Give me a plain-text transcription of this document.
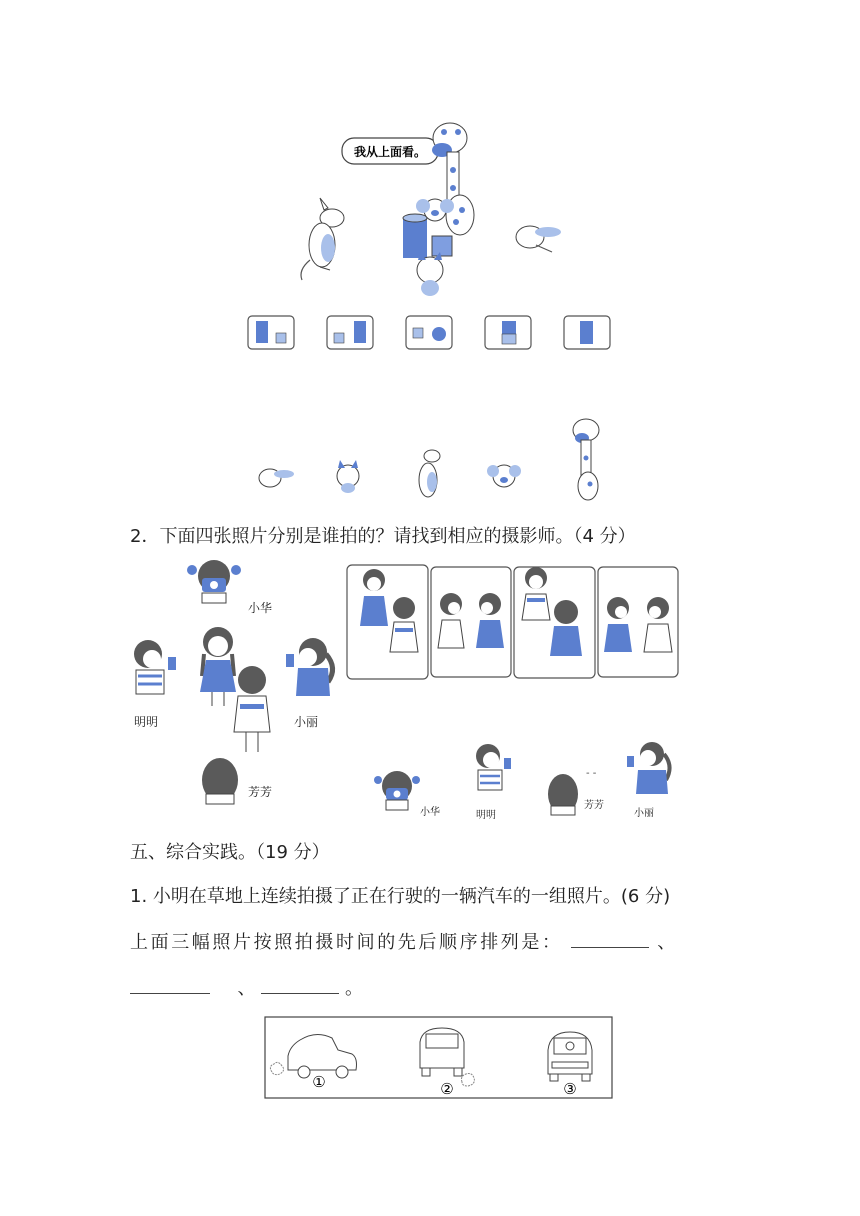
我从上面看。
2．下面四张照片分别是谁拍的？请找到相应的摄影师。（4 分）
小华
明明	小丽
芳芳
小华	明明
- -
芳芳
小丽
五、综合实践。（19 分）
1. 小明在草地上连续拍摄了正在行驶的一辆汽车的一组照片。(6 分)
上面三幅照片按照拍摄时间的先后顺序排列是：	、
、	。
①	②	③
